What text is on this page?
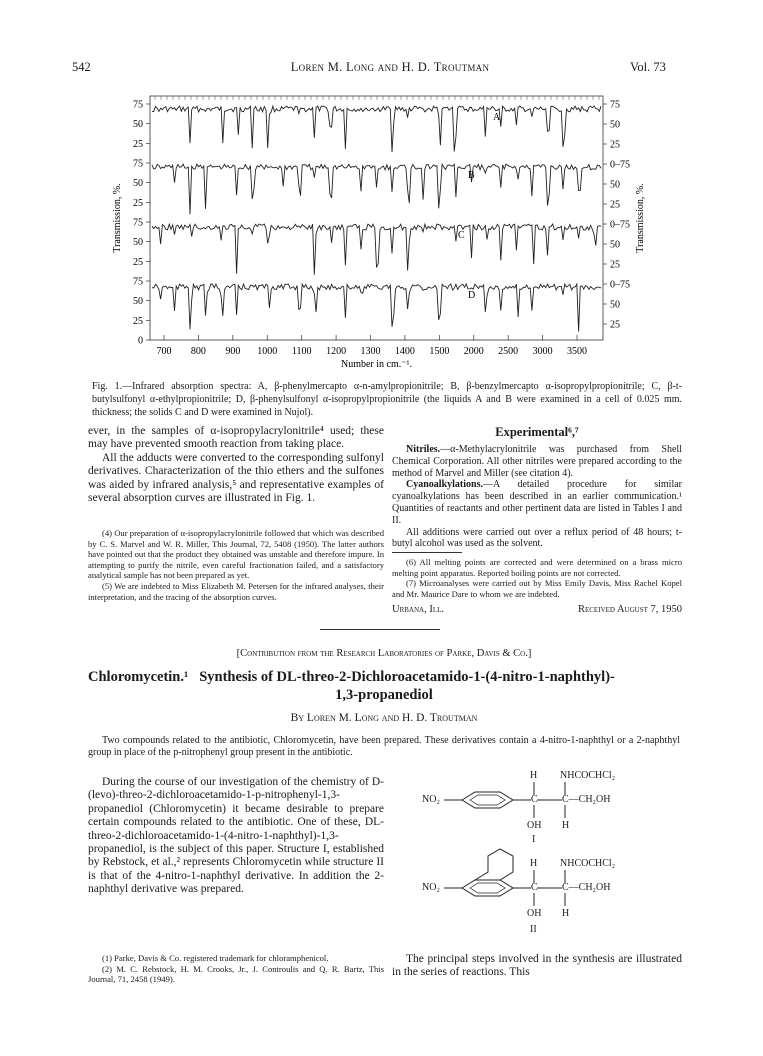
542	Loren M. Long and H. D. Troutman	Vol. 73
75
50
25
75
50
25
75
50
25
75
50
25
0
75
50
25
0–75
50
25
0–75
50
25
0–75
50
25
700 800 900 1000 1100 1200 1300 1400 1500 2000 2500 3000 3500
Number in cm.⁻¹.
Transmission, %.	Transmission, %.
A
B
C
D
Fig. 1.—Infrared absorption spectra: A, β-phenylmercapto α-n-amylpropionitrile; B, β-benzylmercapto α-isopropylpropionitrile; C, β-t-butylsulfonyl α-ethylpropionitrile; D, β-phenylsulfonyl α-isopropylpropionitrile (the liquids A and B were examined in a cell of 0.025 mm. thickness; the solids C and D were examined in Nujol).

ever, in the samples of α-isopropylacrylonitrile⁴ used; these may have prevented smooth reaction from taking place.

All the adducts were converted to the corresponding sulfonyl derivatives. Characterization of the thio ethers and the sulfones was aided by infrared analysis,⁵ and representative examples of several absorption curves are illustrated in Fig. 1.

(4) Our preparation of α-isopropylacrylonitrile followed that which was described by C. S. Marvel and W. R. Miller, This Journal, 72, 5408 (1950). The latter authors have pointed out that the product they obtained was unstable and therefore impure. In attempting to purify the nitrile, even careful fractionation failed, and a satisfactory analytical sample has not been prepared as yet.

(5) We are indebted to Miss Elizabeth M. Petersen for the infrared analyses, their interpretation, and the tracing of the absorption curves.

Experimental⁶,⁷

Nitriles.—α-Methylacrylonitrile was purchased from Shell Chemical Corporation. All other nitriles were prepared according to the method of Marvel and Miller (see citation 4).

Cyanoalkylations.—A detailed procedure for similar cyanoalkylations has been described in an earlier communication.¹ Quantities of reactants and other pertinent data are listed in Tables I and II.

All additions were carried out over a reflux period of 48 hours; t-butyl alcohol was used as the solvent.

(6) All melting points are corrected and were determined on a brass micro melting point apparatus. Reported boiling points are not corrected.

(7) Microanalyses were carried out by Miss Emily Davis, Miss Rachel Kopel and Mr. Maurice Dare to whom we are indebted.

Urbana, Ill.	Received August 7, 1950
[Contribution from the Research Laboratories of Parke, Davis & Co.]
Chloromycetin.¹   Synthesis of DL-threo-2-Dichloroacetamido-1-(4-nitro-1-naphthyl)-
1,3-propanediol
By Loren M. Long and H. D. Troutman
Two compounds related to the antibiotic, Chloromycetin, have been prepared. These derivatives contain a 4-nitro-1-naphthyl or a 2-naphthyl group in place of the p-nitrophenyl group present in the antibiotic.
During the course of our investigation of the chemistry of D-(levo)-threo-2-dichloroacetamido-1-p-nitrophenyl-1,3-propanediol (Chloromycetin) it became desirable to prepare certain compounds related to the antibiotic. One of these, DL-threo-2-dichloroacetamido-1-(4-nitro-1-naphthyl)-1,3-propanediol, is the subject of this paper. Structure I, established by Rebstock, et al.,² represents Chloromycetin while structure II is that of the 4-nitro-1-naphthyl derivative. In addition the 2-naphthyl derivative was prepared.

(1) Parke, Davis & Co. registered trademark for chloramphenicol.

(2) M. C. Rebstock, H. M. Crooks, Jr., J. Controulis and Q. R. Bartz, This Journal, 71, 2458 (1949).

The principal steps involved in the synthesis are illustrated in the series of reactions. This
H NHCOCHCl₂
NO₂	C C—CH₂OH
OH H
I
H NHCOCHCl₂
NO₂	C C—CH₂OH
OH H
II
